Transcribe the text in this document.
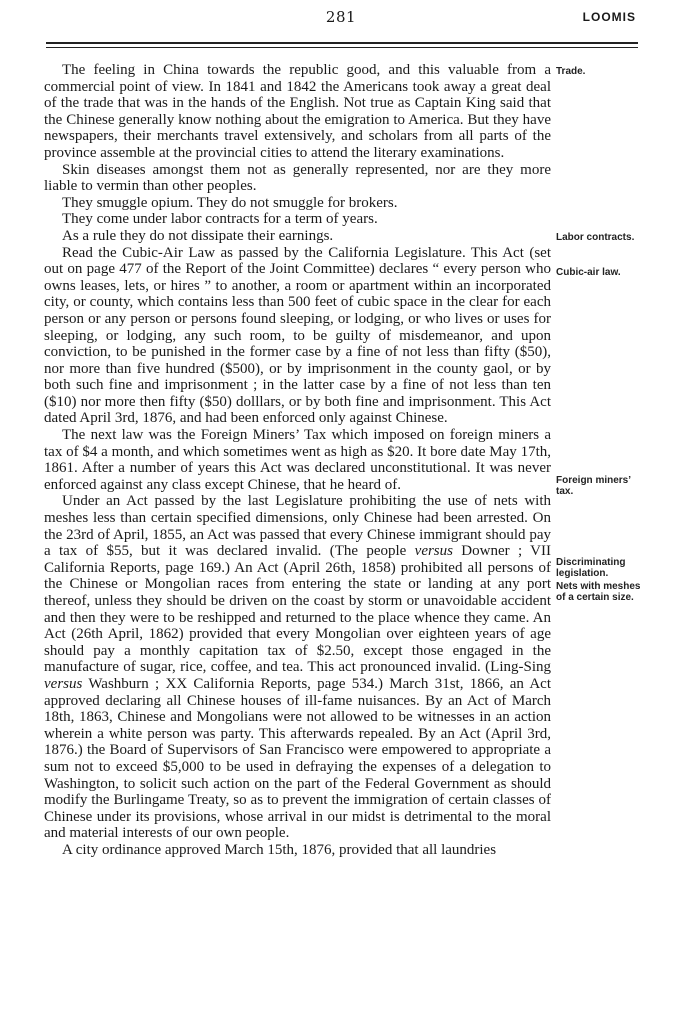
281	LOOMIS

The feeling in China towards the republic good, and this valuable from a commercial point of view. In 1841 and 1842 the Americans took away a great deal of the trade that was in the hands of the English. Not true as Captain King said that the Chinese generally know nothing about the emigration to America. But they have newspapers, their merchants travel extensively, and scholars from all parts of the province assemble at the provincial cities to attend the literary examinations.

Skin diseases amongst them not as generally represented, nor are they more liable to vermin than other peoples.

They smuggle opium. They do not smuggle for brokers.

They come under labor contracts for a term of years.

As a rule they do not dissipate their earnings.

Read the Cubic-Air Law as passed by the California Legislature. This Act (set out on page 477 of the Report of the Joint Committee) declares “ every person who owns leases, lets, or hires ” to another, a room or apartment within an incorporated city, or county, which contains less than 500 feet of cubic space in the clear for each person or any person or persons found sleeping, or lodging, or who lives or uses for sleeping, or lodging, any such room, to be guilty of misdemeanor, and upon conviction, to be punished in the former case by a fine of not less than fifty ($50), nor more than five hundred ($500), or by imprisonment in the county gaol, or by both such fine and imprisonment ; in the latter case by a fine of not less than ten ($10) nor more then fifty ($50) dolllars, or by both fine and imprisonment. This Act dated April 3rd, 1876, and had been enforced only against Chinese.

The next law was the Foreign Miners’ Tax which imposed on foreign miners a tax of $4 a month, and which sometimes went as high as $20. It bore date May 17th, 1861. After a number of years this Act was declared unconstitutional. It was never enforced against any class except Chinese, that he heard of.

Under an Act passed by the last Legislature prohibiting the use of nets with meshes less than certain specified dimensions, only Chinese had been arrested. On the 23rd of April, 1855, an Act was passed that every Chinese immigrant should pay a tax of $55, but it was declared invalid. (The people versus Downer ; VII California Reports, page 169.) An Act (April 26th, 1858) prohibited all persons of the Chinese or Mongolian races from entering the state or landing at any port thereof, unless they should be driven on the coast by storm or unavoidable accident and then they were to be reshipped and returned to the place whence they came. An Act (26th April, 1862) provided that every Mongolian over eighteen years of age should pay a monthly capitation tax of $2.50, except those engaged in the manufacture of sugar, rice, coffee, and tea. This act pronounced invalid. (Ling-Sing versus Washburn ; XX California Reports, page 534.) March 31st, 1866, an Act approved declaring all Chinese houses of ill-fame nuisances. By an Act of March 18th, 1863, Chinese and Mongolians were not allowed to be witnesses in an action wherein a white person was party. This afterwards repealed. By an Act (April 3rd, 1876.) the Board of Supervisors of San Francisco were empowered to appropriate a sum not to exceed $5,000 to be used in defraying the expenses of a delegation to Washington, to solicit such action on the part of the Federal Government as should modify the Burlingame Treaty, so as to prevent the immigration of certain classes of Chinese under its provisions, whose arrival in our midst is detrimental to the moral and material interests of our own people.

A city ordinance approved March 15th, 1876, provided that all laundries

Trade.
Labor contracts.
Cubic-air law.
Foreign miners’ tax.
Discriminating legislation.
Nets with meshes of a certain size.
